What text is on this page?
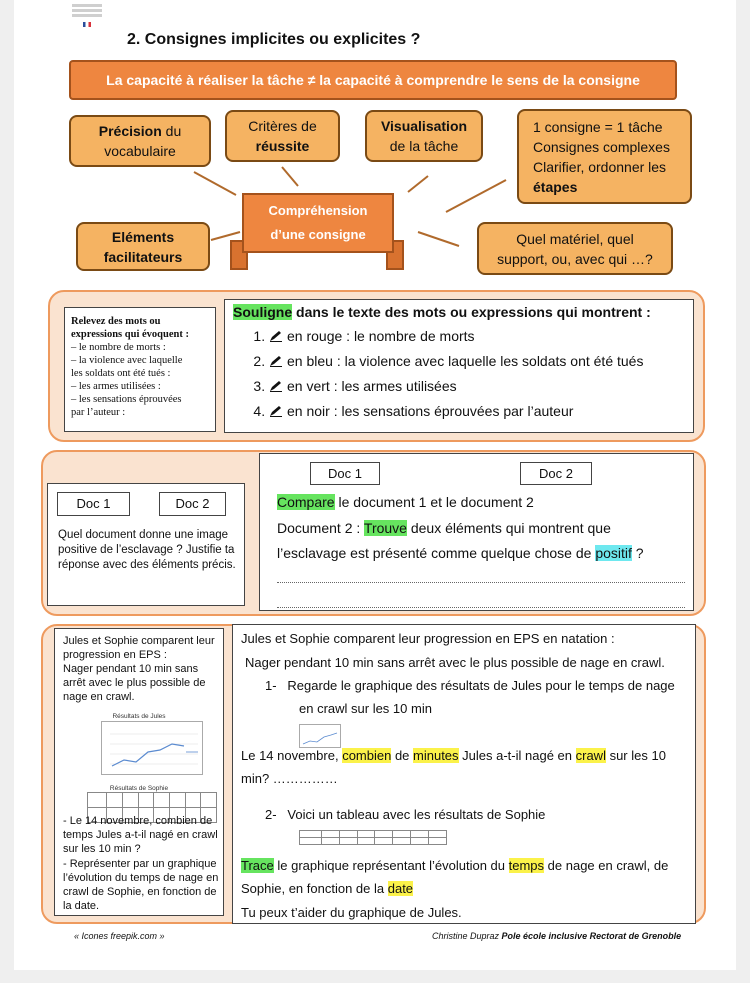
2. Consignes implicites ou explicites ?
La capacité à réaliser la tâche ≠ la capacité à comprendre le sens de la consigne
Précision du
vocabulaire
Critères de
réussite
Visualisation
de la tâche
1 consigne = 1 tâche
Consignes complexes
Clarifier, ordonner les
étapes
Eléments
facilitateurs
Quel matériel, quel
support, ou, avec qui …?
Compréhension
d’une consigne
Relevez des mots ou
expressions qui évoquent :
– le nombre de morts :
– la violence avec laquelle
les soldats ont été tués :
– les armes utilisées :
– les sensations éprouvées
par l’auteur :
Souligne dans le texte des mots ou expressions qui montrent :
1. en rouge : le nombre de morts
2. en bleu : la violence avec laquelle les soldats ont été tués
3. en vert : les armes utilisées
4. en noir : les sensations éprouvées par l’auteur
Quel document donne une image positive de l’esclavage ? Justifie ta réponse avec des éléments précis.
Doc 1	Doc 2	Compare le document 1 et le document 2
Document 2 : Trouve deux éléments qui montrent que
l’esclavage est présenté comme quelque chose de positif ?
Doc 1	Doc 2
Jules et Sophie comparent leur progression en EPS :
Nager pendant 10 min sans arrêt avec le plus possible de nage en crawl.
Résultats de Jules
Résultats de Sophie

- Le 14 novembre, combien de temps Jules a-t-il nagé en crawl sur les 10 min ?
- Représenter par un graphique l’évolution du temps de nage en crawl de Sophie, en fonction de la date.
Jules et Sophie comparent leur progression en EPS en natation :
Nager pendant 10 min sans arrêt avec le plus possible de nage en crawl.
1- Regarde le graphique des résultats de Jules pour le temps de nage
en crawl sur les 10 min
Le 14 novembre, combien de minutes Jules a-t-il nagé en crawl sur les 10
min? ……………
2- Voici un tableau avec les résultats de Sophie

Trace le graphique représentant l’évolution du temps de nage en crawl, de
Sophie, en fonction de la date
Tu peux t’aider du graphique de Jules.
« Icones freepik.com »	Christine Dupraz Pole école inclusive Rectorat de Grenoble
